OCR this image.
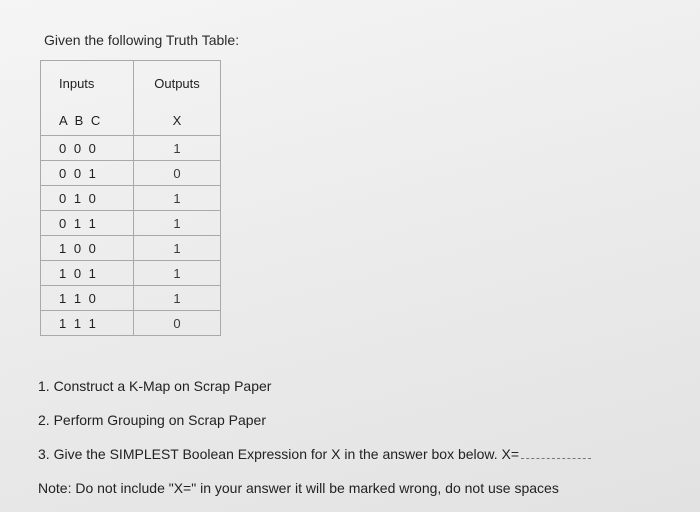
Given the following Truth Table:
Inputs	Outputs
A B C	X
0 0 0	1
0 0 1	0
0 1 0	1
0 1 1	1
1 0 0	1
1 0 1	1
1 1 0	1
1 1 1	0
1. Construct a K-Map on Scrap Paper
2. Perform Grouping on Scrap Paper
3. Give the SIMPLEST Boolean Expression for X in the answer box below. X=
Note: Do not include "X=" in your answer it will be marked wrong, do not use spaces
